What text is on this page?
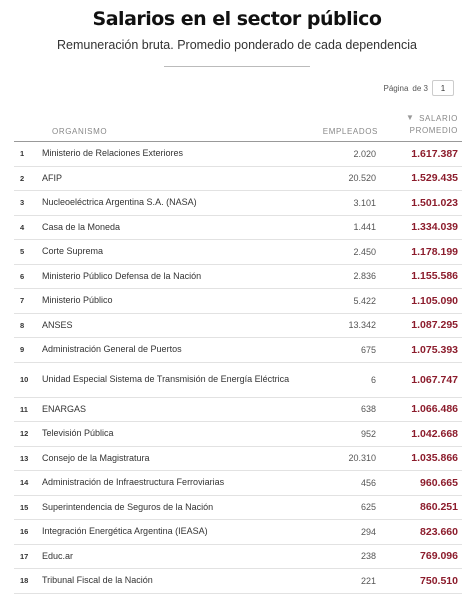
Salarios en el sector público
Remuneración bruta. Promedio ponderado de cada dependencia
Página de 3
1
▼
ORGANISMO	EMPLEADOS
SALARIO
PROMEDIO
1	Ministerio de Relaciones Exteriores	2.020	1.617.387
2	AFIP	20.520	1.529.435
3	Nucleoeléctrica Argentina S.A. (NASA)	3.101	1.501.023
4	Casa de la Moneda	1.441	1.334.039
5	Corte Suprema	2.450	1.178.199
6	Ministerio Público Defensa de la Nación	2.836	1.155.586
7	Ministerio Público	5.422	1.105.090
8	ANSES	13.342	1.087.295
9	Administración General de Puertos	675	1.075.393
10	Unidad Especial Sistema de Transmisión de Energía Eléctrica	6	1.067.747
11	ENARGAS	638	1.066.486
12	Televisión Pública	952	1.042.668
13	Consejo de la Magistratura	20.310	1.035.866
14	Administración de Infraestructura Ferroviarias	456	960.665
15	Superintendencia de Seguros de la Nación	625	860.251
16	Integración Energética Argentina (IEASA)	294	823.660
17	Educ.ar	238	769.096
18	Tribunal Fiscal de la Nación	221	750.510
